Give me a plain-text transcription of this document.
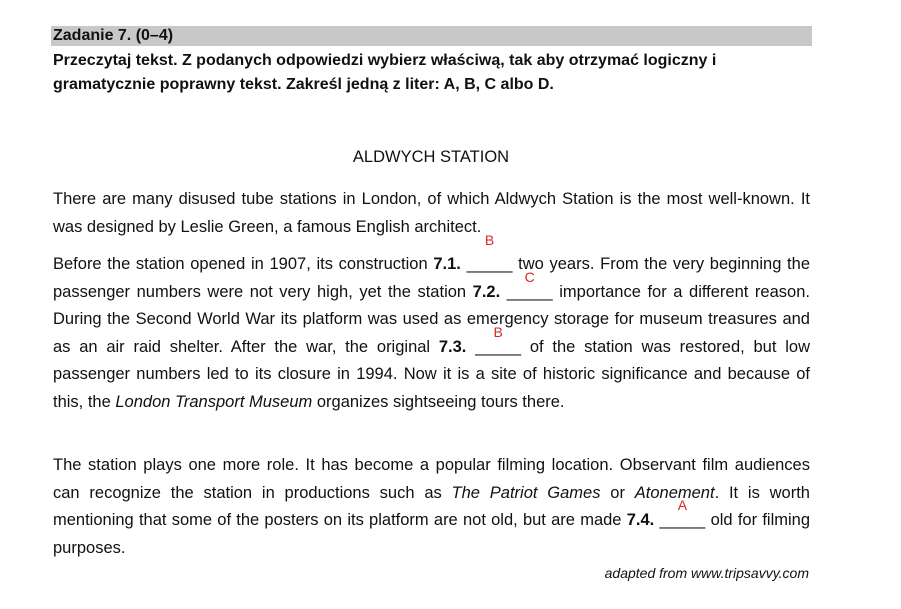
Zadanie 7. (0–4)
Przeczytaj tekst. Z podanych odpowiedzi wybierz właściwą, tak aby otrzymać logiczny i gramatycznie poprawny tekst. Zakreśl jedną z liter: A, B, C albo D.
ALDWYCH STATION
There are many disused tube stations in London, of which Aldwych Station is the most well-known. It was designed by Leslie Green, a famous English architect.
Before the station opened in 1907, its construction 7.1.
B
_____ two years. From the very beginning the passenger numbers were not very high, yet the station 7.2.
C
_____ importance for a different reason. During the Second World War its platform was used as emergency storage for museum treasures and as an air raid shelter. After the war, the original 7.3.
B
_____ of the station was restored, but low passenger numbers led to its closure in 1994. Now it is a site of historic significance and because of this, the London Transport Museum organizes sightseeing tours there.
The station plays one more role. It has become a popular filming location. Observant film audiences can recognize the station in productions such as The Patriot Games or Atonement. It is worth mentioning that some of the posters on its platform are not old, but are made 7.4.
A
_____ old for filming purposes.
adapted from www.tripsavvy.com
